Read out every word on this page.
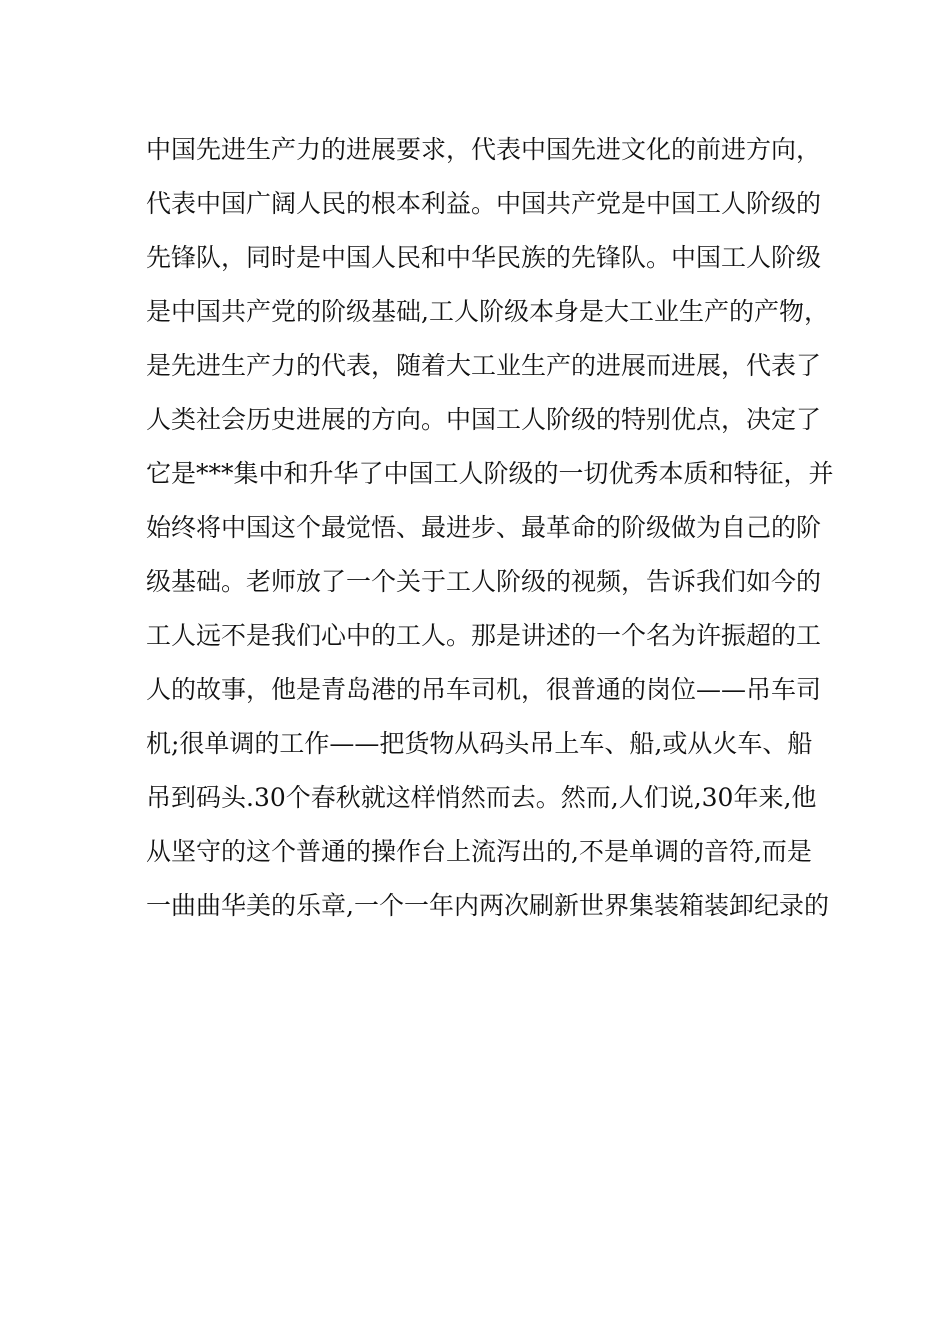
中国先进生产力的进展要求，代表中国先进文化的前进方向，
代表中国广阔人民的根本利益。中国共产党是中国工人阶级的
先锋队，同时是中国人民和中华民族的先锋队。中国工人阶级
是中国共产党的阶级基础,工人阶级本身是大工业生产的产物，
是先进生产力的代表，随着大工业生产的进展而进展，代表了
人类社会历史进展的方向。中国工人阶级的特别优点，决定了
它是***集中和升华了中国工人阶级的一切优秀本质和特征，并
始终将中国这个最觉悟、最进步、最革命的阶级做为自己的阶
级基础。老师放了一个关于工人阶级的视频，告诉我们如今的
工人远不是我们心中的工人。那是讲述的一个名为许振超的工
人的故事，他是青岛港的吊车司机，很普通的岗位——吊车司
机;很单调的工作——把货物从码头吊上车、船,或从火车、船
吊到码头.30个春秋就这样悄然而去。然而,人们说,30年来,他
从坚守的这个普通的操作台上流泻出的,不是单调的音符,而是
一曲曲华美的乐章,一个一年内两次刷新世界集装箱装卸纪录的
